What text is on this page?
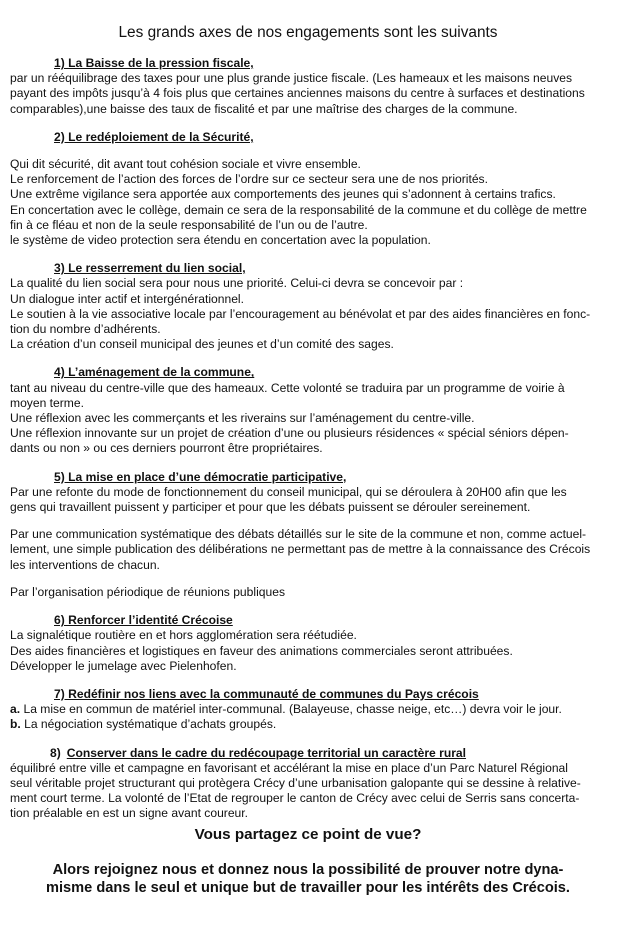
Les grands axes de nos engagements sont les suivants
1) La Baisse de la pression fiscale,
par un rééquilibrage des taxes pour une plus grande justice fiscale. (Les hameaux et les maisons neuves
payant des impôts jusqu’à 4 fois plus que certaines anciennes maisons du centre à surfaces et destinations
comparables),une baisse des taux de fiscalité et par une maîtrise des charges de la commune.
2) Le redéploiement de la Sécurité,
Qui dit sécurité, dit avant tout cohésion sociale et vivre ensemble.
Le renforcement de l’action des forces de l’ordre sur ce secteur sera une de nos priorités.
Une extrême vigilance sera apportée aux comportements des jeunes qui s’adonnent à certains trafics.
En concertation avec le collège, demain ce sera de la responsabilité de la commune et du collège de mettre
fin à ce fléau et non de la seule responsabilité de l’un ou de l’autre.
le système de video protection sera étendu en concertation avec la population.
3) Le resserrement du lien social,
La qualité du lien social sera pour nous une priorité. Celui-ci devra se concevoir par :
Un dialogue inter actif et intergénérationnel.
Le soutien à la vie associative locale par l’encouragement au bénévolat et par des aides financières en fonc-
tion du nombre d’adhérents.
La création d’un conseil municipal des jeunes et d’un comité des sages.
4) L’aménagement de la commune,
tant au niveau du centre-ville que des hameaux. Cette volonté se traduira par un programme de voirie à
moyen terme.
Une réflexion avec les commerçants et les riverains sur l’aménagement du centre-ville.
Une réflexion innovante sur un projet de création d’une ou plusieurs résidences « spécial séniors dépen-
dants ou non » ou ces derniers pourront être propriétaires.
5) La mise en place d’une démocratie participative,
Par une refonte du mode de fonctionnement du conseil municipal, qui se déroulera à 20H00 afin que les
gens qui travaillent puissent y participer et pour que les débats puissent se dérouler sereinement.
Par une communication systématique des débats détaillés sur le site de la commune et non, comme actuel-
lement, une simple publication des délibérations ne permettant pas de mettre à la connaissance des Crécois
les interventions de chacun.
Par l’organisation périodique de réunions publiques
6) Renforcer l’identité Crécoise
La signalétique routière en et hors agglomération sera réétudiée.
Des aides financières et logistiques en faveur des animations commerciales seront attribuées.
Développer le jumelage avec Pielenhofen.
7) Redéfinir nos liens avec la communauté de communes du Pays crécois
a. La mise en commun de matériel inter-communal. (Balayeuse, chasse neige, etc…) devra voir le jour.
b. La négociation systématique d’achats groupés.
8) Conserver dans le cadre du redécoupage territorial un caractère rural
équilibré entre ville et campagne en favorisant et accélérant la mise en place d’un Parc Naturel Régional
seul véritable projet structurant qui protègera Crécy d’une urbanisation galopante qui se dessine à relative-
ment court terme. La volonté de l’Etat de regrouper le canton de Crécy avec celui de Serris sans concerta-
tion préalable en est un signe avant coureur.
Vous partagez ce point de vue?
Alors rejoignez nous et donnez nous la possibilité de prouver notre dyna-
misme dans le seul et unique but de travailler pour les intérêts des Crécois.
